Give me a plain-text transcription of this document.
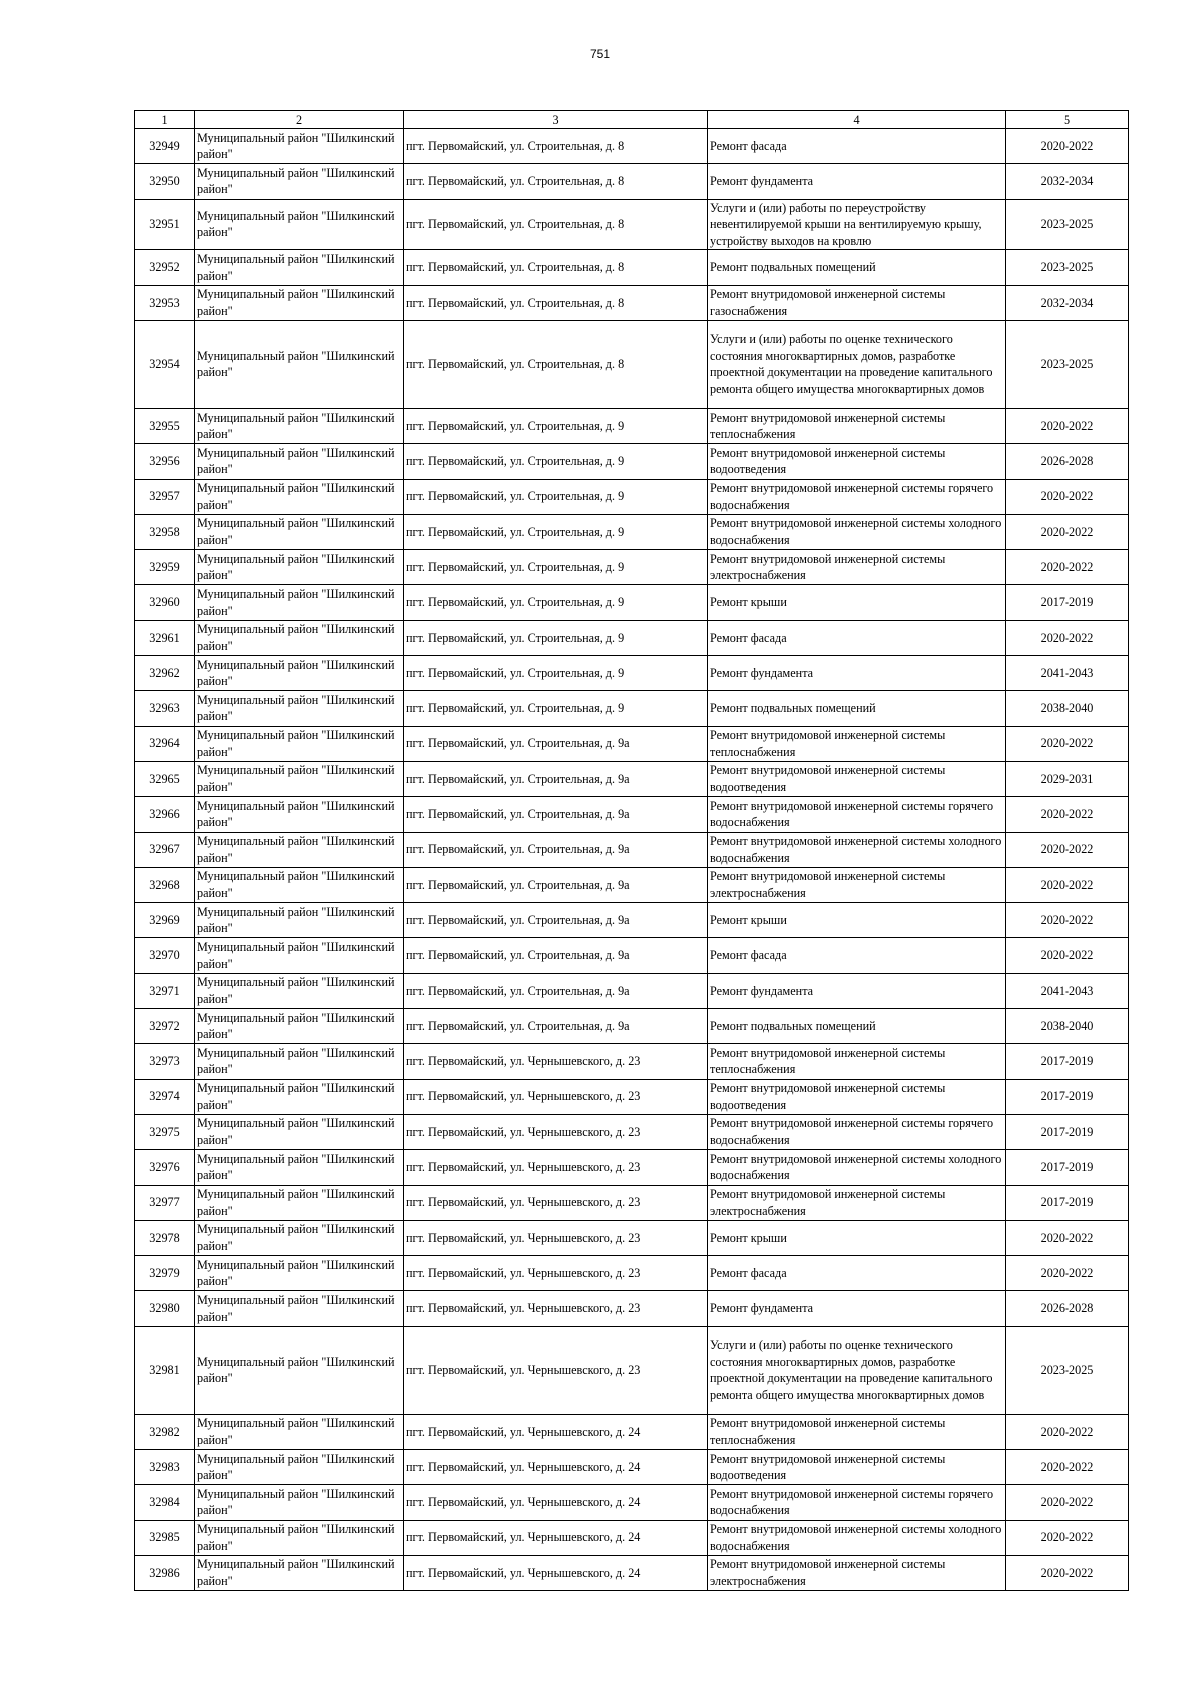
751
1	2	3	4	5
32949	Муниципальный район "Шилкинский район"	пгт. Первомайский, ул. Строительная, д. 8	Ремонт фасада	2020-2022
32950	Муниципальный район "Шилкинский район"	пгт. Первомайский, ул. Строительная, д. 8	Ремонт фундамента	2032-2034
32951	Муниципальный район "Шилкинский район"	пгт. Первомайский, ул. Строительная, д. 8	Услуги и (или) работы по переустройству невентилируемой крыши на вентилируемую крышу, устройству выходов на кровлю	2023-2025
32952	Муниципальный район "Шилкинский район"	пгт. Первомайский, ул. Строительная, д. 8	Ремонт подвальных помещений	2023-2025
32953	Муниципальный район "Шилкинский район"	пгт. Первомайский, ул. Строительная, д. 8	Ремонт внутридомовой инженерной системы газоснабжения	2032-2034
32954	Муниципальный район "Шилкинский район"	пгт. Первомайский, ул. Строительная, д. 8	Услуги и (или) работы по оценке технического состояния многоквартирных домов, разработке проектной документации на проведение капитального ремонта общего имущества многоквартирных домов	2023-2025
32955	Муниципальный район "Шилкинский район"	пгт. Первомайский, ул. Строительная, д. 9	Ремонт внутридомовой инженерной системы теплоснабжения	2020-2022
32956	Муниципальный район "Шилкинский район"	пгт. Первомайский, ул. Строительная, д. 9	Ремонт внутридомовой инженерной системы водоотведения	2026-2028
32957	Муниципальный район "Шилкинский район"	пгт. Первомайский, ул. Строительная, д. 9	Ремонт внутридомовой инженерной системы горячего водоснабжения	2020-2022
32958	Муниципальный район "Шилкинский район"	пгт. Первомайский, ул. Строительная, д. 9	Ремонт внутридомовой инженерной системы холодного водоснабжения	2020-2022
32959	Муниципальный район "Шилкинский район"	пгт. Первомайский, ул. Строительная, д. 9	Ремонт внутридомовой инженерной системы электроснабжения	2020-2022
32960	Муниципальный район "Шилкинский район"	пгт. Первомайский, ул. Строительная, д. 9	Ремонт крыши	2017-2019
32961	Муниципальный район "Шилкинский район"	пгт. Первомайский, ул. Строительная, д. 9	Ремонт фасада	2020-2022
32962	Муниципальный район "Шилкинский район"	пгт. Первомайский, ул. Строительная, д. 9	Ремонт фундамента	2041-2043
32963	Муниципальный район "Шилкинский район"	пгт. Первомайский, ул. Строительная, д. 9	Ремонт подвальных помещений	2038-2040
32964	Муниципальный район "Шилкинский район"	пгт. Первомайский, ул. Строительная, д. 9а	Ремонт внутридомовой инженерной системы теплоснабжения	2020-2022
32965	Муниципальный район "Шилкинский район"	пгт. Первомайский, ул. Строительная, д. 9а	Ремонт внутридомовой инженерной системы водоотведения	2029-2031
32966	Муниципальный район "Шилкинский район"	пгт. Первомайский, ул. Строительная, д. 9а	Ремонт внутридомовой инженерной системы горячего водоснабжения	2020-2022
32967	Муниципальный район "Шилкинский район"	пгт. Первомайский, ул. Строительная, д. 9а	Ремонт внутридомовой инженерной системы холодного водоснабжения	2020-2022
32968	Муниципальный район "Шилкинский район"	пгт. Первомайский, ул. Строительная, д. 9а	Ремонт внутридомовой инженерной системы электроснабжения	2020-2022
32969	Муниципальный район "Шилкинский район"	пгт. Первомайский, ул. Строительная, д. 9а	Ремонт крыши	2020-2022
32970	Муниципальный район "Шилкинский район"	пгт. Первомайский, ул. Строительная, д. 9а	Ремонт фасада	2020-2022
32971	Муниципальный район "Шилкинский район"	пгт. Первомайский, ул. Строительная, д. 9а	Ремонт фундамента	2041-2043
32972	Муниципальный район "Шилкинский район"	пгт. Первомайский, ул. Строительная, д. 9а	Ремонт подвальных помещений	2038-2040
32973	Муниципальный район "Шилкинский район"	пгт. Первомайский, ул. Чернышевского, д. 23	Ремонт внутридомовой инженерной системы теплоснабжения	2017-2019
32974	Муниципальный район "Шилкинский район"	пгт. Первомайский, ул. Чернышевского, д. 23	Ремонт внутридомовой инженерной системы водоотведения	2017-2019
32975	Муниципальный район "Шилкинский район"	пгт. Первомайский, ул. Чернышевского, д. 23	Ремонт внутридомовой инженерной системы горячего водоснабжения	2017-2019
32976	Муниципальный район "Шилкинский район"	пгт. Первомайский, ул. Чернышевского, д. 23	Ремонт внутридомовой инженерной системы холодного водоснабжения	2017-2019
32977	Муниципальный район "Шилкинский район"	пгт. Первомайский, ул. Чернышевского, д. 23	Ремонт внутридомовой инженерной системы электроснабжения	2017-2019
32978	Муниципальный район "Шилкинский район"	пгт. Первомайский, ул. Чернышевского, д. 23	Ремонт крыши	2020-2022
32979	Муниципальный район "Шилкинский район"	пгт. Первомайский, ул. Чернышевского, д. 23	Ремонт фасада	2020-2022
32980	Муниципальный район "Шилкинский район"	пгт. Первомайский, ул. Чернышевского, д. 23	Ремонт фундамента	2026-2028
32981	Муниципальный район "Шилкинский район"	пгт. Первомайский, ул. Чернышевского, д. 23	Услуги и (или) работы по оценке технического состояния многоквартирных домов, разработке проектной документации на проведение капитального ремонта общего имущества многоквартирных домов	2023-2025
32982	Муниципальный район "Шилкинский район"	пгт. Первомайский, ул. Чернышевского, д. 24	Ремонт внутридомовой инженерной системы теплоснабжения	2020-2022
32983	Муниципальный район "Шилкинский район"	пгт. Первомайский, ул. Чернышевского, д. 24	Ремонт внутридомовой инженерной системы водоотведения	2020-2022
32984	Муниципальный район "Шилкинский район"	пгт. Первомайский, ул. Чернышевского, д. 24	Ремонт внутридомовой инженерной системы горячего водоснабжения	2020-2022
32985	Муниципальный район "Шилкинский район"	пгт. Первомайский, ул. Чернышевского, д. 24	Ремонт внутридомовой инженерной системы холодного водоснабжения	2020-2022
32986	Муниципальный район "Шилкинский район"	пгт. Первомайский, ул. Чернышевского, д. 24	Ремонт внутридомовой инженерной системы электроснабжения	2020-2022
